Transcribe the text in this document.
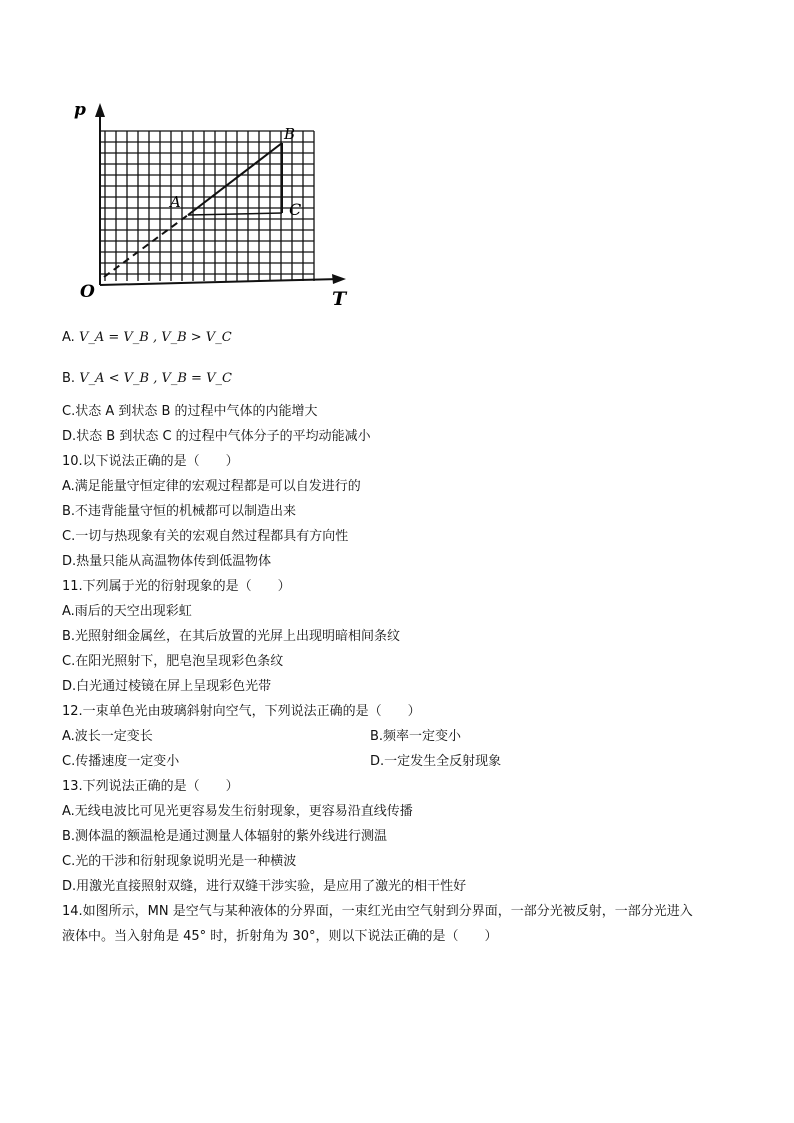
p
T
O
A
B
C
A. V_A = V_B , V_B > V_C
B. V_A < V_B , V_B = V_C
C.状态 A 到状态 B 的过程中气体的内能增大
D.状态 B 到状态 C 的过程中气体分子的平均动能减小
10.以下说法正确的是（　　）
A.满足能量守恒定律的宏观过程都是可以自发进行的
B.不违背能量守恒的机械都可以制造出来
C.一切与热现象有关的宏观自然过程都具有方向性
D.热量只能从高温物体传到低温物体
11.下列属于光的衍射现象的是（　　）
A.雨后的天空出现彩虹
B.光照射细金属丝，在其后放置的光屏上出现明暗相间条纹
C.在阳光照射下，肥皂泡呈现彩色条纹
D.白光通过棱镜在屏上呈现彩色光带
12.一束单色光由玻璃斜射向空气，下列说法正确的是（　　）
A.波长一定变长	B.频率一定变小
C.传播速度一定变小	D.一定发生全反射现象
13.下列说法正确的是（　　）
A.无线电波比可见光更容易发生衍射现象，更容易沿直线传播
B.测体温的额温枪是通过测量人体辐射的紫外线进行测温
C.光的干涉和衍射现象说明光是一种横波
D.用激光直接照射双缝，进行双缝干涉实验，是应用了激光的相干性好
14.如图所示，MN 是空气与某种液体的分界面，一束红光由空气射到分界面，一部分光被反射，一部分光进入
液体中。当入射角是 45° 时，折射角为 30°，则以下说法正确的是（　　）
